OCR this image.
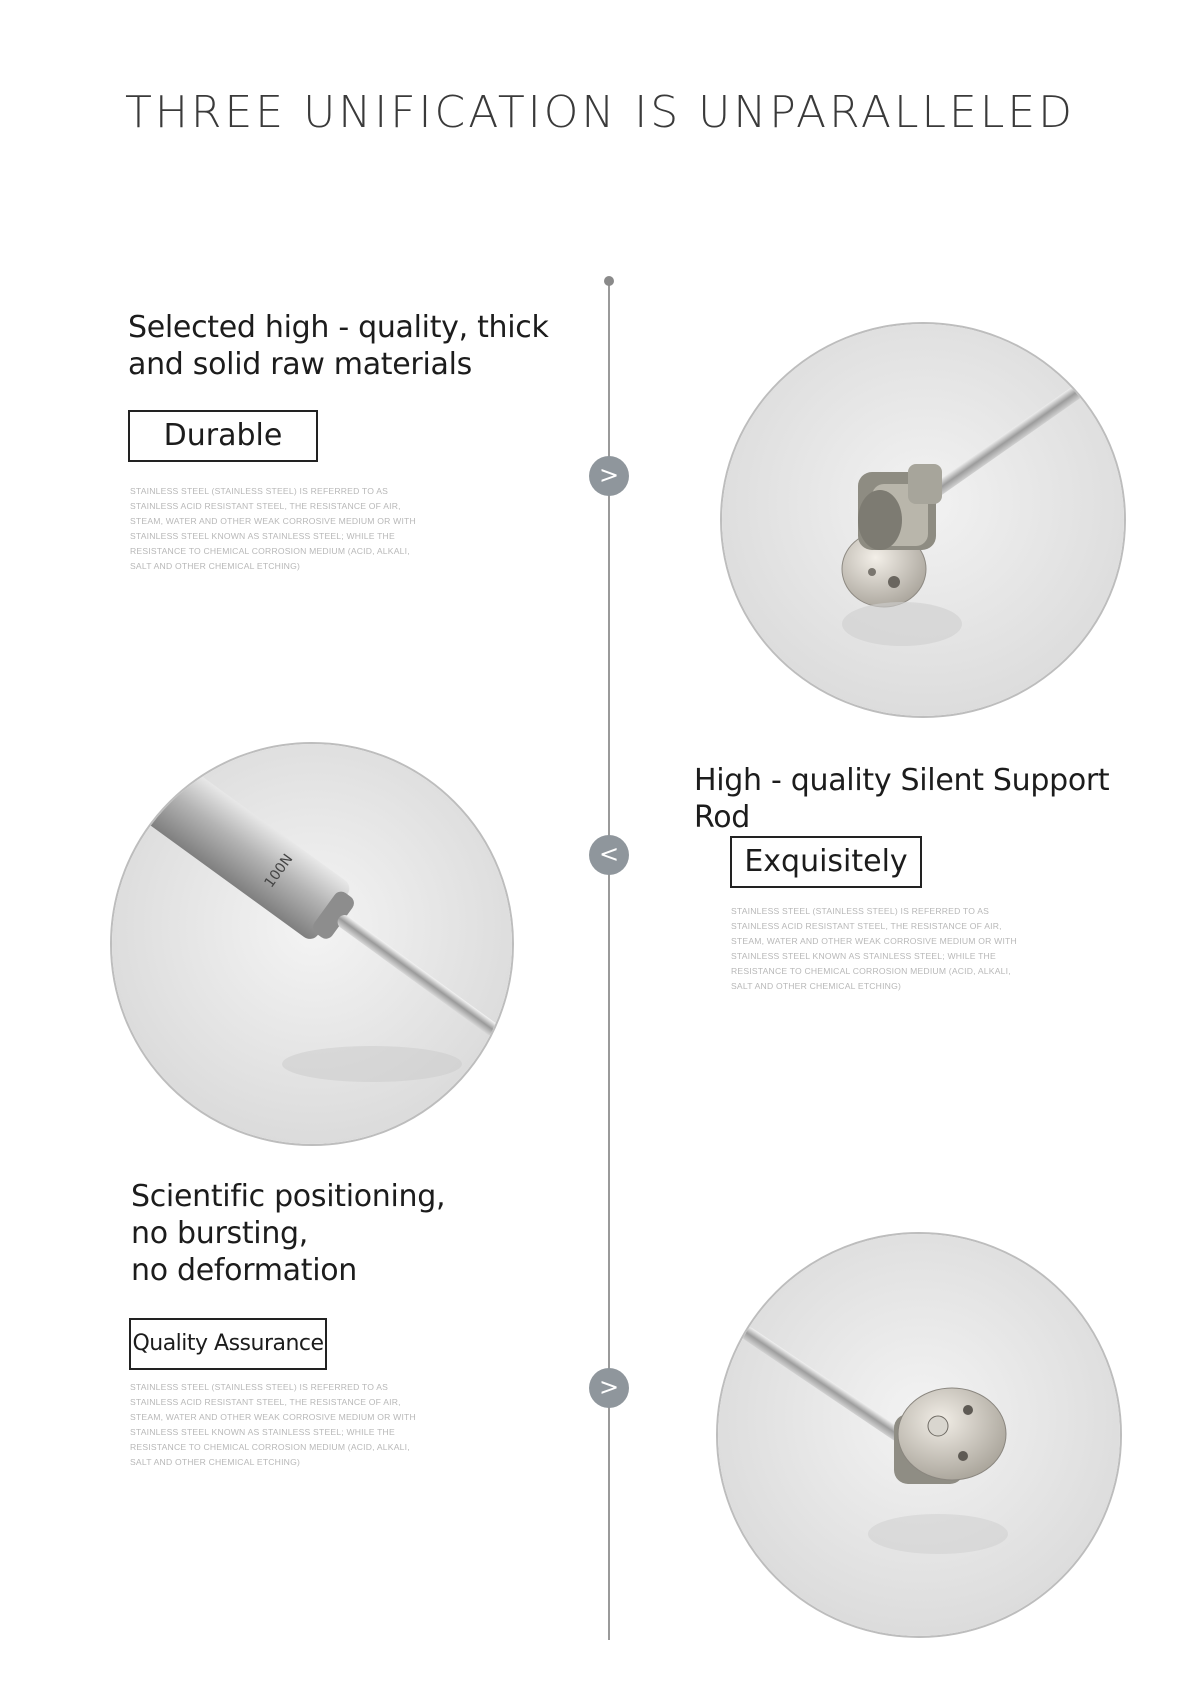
THREE UNIFICATION IS UNPARALLELED
>
<
>
Selected high - quality, thick
and solid raw materials
Durable
STAINLESS STEEL (STAINLESS STEEL) IS REFERRED TO AS STAINLESS ACID RESISTANT STEEL, THE RESISTANCE OF AIR, STEAM, WATER AND OTHER WEAK CORROSIVE MEDIUM OR WITH STAINLESS STEEL KNOWN AS STAINLESS STEEL; WHILE THE RESISTANCE TO CHEMICAL CORROSION MEDIUM (ACID, ALKALI, SALT AND OTHER CHEMICAL ETCHING)
100N
High - quality Silent Support Rod
Exquisitely
STAINLESS STEEL (STAINLESS STEEL) IS REFERRED TO AS STAINLESS ACID RESISTANT STEEL, THE RESISTANCE OF AIR, STEAM, WATER AND OTHER WEAK CORROSIVE MEDIUM OR WITH STAINLESS STEEL KNOWN AS STAINLESS STEEL; WHILE THE RESISTANCE TO CHEMICAL CORROSION MEDIUM (ACID, ALKALI, SALT AND OTHER CHEMICAL ETCHING)
Scientific positioning,
no bursting,
no deformation
Quality Assurance
STAINLESS STEEL (STAINLESS STEEL) IS REFERRED TO AS STAINLESS ACID RESISTANT STEEL, THE RESISTANCE OF AIR, STEAM, WATER AND OTHER WEAK CORROSIVE MEDIUM OR WITH STAINLESS STEEL KNOWN AS STAINLESS STEEL; WHILE THE RESISTANCE TO CHEMICAL CORROSION MEDIUM (ACID, ALKALI, SALT AND OTHER CHEMICAL ETCHING)
